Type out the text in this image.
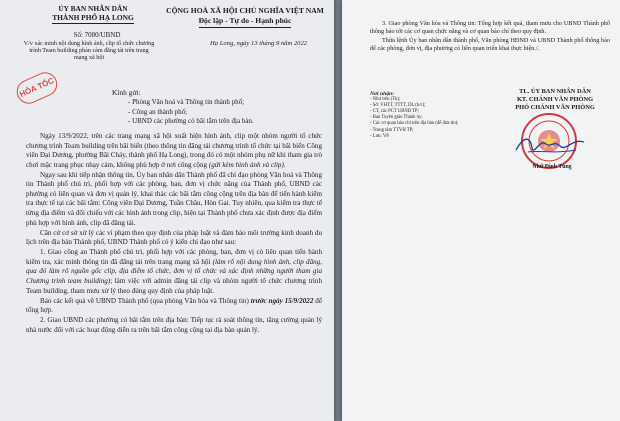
ỦY BAN NHÂN DÂN
THÀNH PHỐ HẠ LONG
CỘNG HOÀ XÃ HỘI CHỦ NGHĨA VIỆT NAM
Độc lập - Tự do - Hạnh phúc
Số: 7080/UBND
Hạ Long, ngày 13 tháng 9 năm 2022
V/v xác minh nội dung hình ảnh, clip tổ chức chương trình Team building phản cảm đăng tải trên trang mạng xã hội
HỎA TỐC	Kính gửi:
- Phòng Văn hoá và Thông tin thành phố;
- Công an thành phố;
- UBND các phường có bãi tắm trên địa bàn.

Ngày 13/9/2022, trên các trang mạng xã hội xuất hiện hình ảnh, clip một nhóm người tổ chức chương trình Team building trên bãi biển (theo thông tin đăng tải chương trình tổ chức tại bãi biển Công viên Đại Dương, phường Bãi Cháy, thành phố Hạ Long), trong đó có một nhóm phụ nữ khi tham gia trò chơi mặc trang phục nhạy cảm, không phù hợp ở nơi công cộng (gửi kèm hình ảnh và clip).

Ngay sau khi tiếp nhận thông tin, Ủy ban nhân dân Thành phố đã chỉ đạo phòng Văn hoá và Thông tin Thành phố chủ trì, phối hợp với các phòng, ban, đơn vị chức năng của Thành phố, UBND các phường có liên quan và đơn vị quản lý, khai thác các bãi tắm công cộng trên địa bàn để tiến hành kiểm tra thực tế tại các bãi tắm: Công viên Đại Dương, Tuần Châu, Hòn Gai. Tuy nhiên, qua kiểm tra thực tế từng địa điểm và đối chiếu với các hình ảnh trong clip, hiện tại Thành phố chưa xác định được địa điểm phù hợp với hình ảnh, clip đã đăng tải.

Căn cứ cơ sở xử lý các vi phạm theo quy định của pháp luật và đảm bảo môi trường kinh doanh du lịch trên địa bàn Thành phố, UBND Thành phố có ý kiến chỉ đạo như sau:

1. Giao công an Thành phố chủ trì, phối hợp với các phòng, ban, đơn vị có liên quan tiến hành kiểm tra, xác minh thông tin đã đăng tải trên trang mạng xã hội (làm rõ nội dung hình ảnh, clip đăng, qua đó làm rõ nguồn gốc clip, địa điểm tổ chức, đơn vị tổ chức và xác định những người tham gia Chương trình team building); làm việc với admin đăng tải clip và nhóm người tổ chức chương trình Team building, tham mưu xử lý theo đúng quy định của pháp luật.

Báo các kết quả về UBND Thành phố (qua phòng Văn hóa và Thông tin) trước ngày 15/9/2022 để tổng hợp.

2. Giao UBND các phường có bãi tắm trên địa bàn: Tiếp tục rà soát thông tin, tăng cường quản lý nhà nước đối với các hoạt động diễn ra trên bãi tắm công cộng tại địa bàn quản lý.

3. Giao phòng Văn hóa và Thông tin: Tổng hợp kết quả, tham mưu cho UBND Thành phố thông báo tới các cơ quan chức năng và cơ quan báo chí theo quy định.

Thừa lệnh Ủy ban nhân dân thành phố, Văn phòng HĐND và UBND Thành phố thông báo để các phòng, đơn vị, địa phương có liên quan triển khai thực hiện./.

Nơi nhận:
- Như trên (Th);
- Sở: VHTT, TTTT, DL (b/c);
- CT, các PCT UBND TP;
- Ban Tuyên giáo Thành ủy;
- Các cơ quan báo chí trên địa bàn (để đưa tin);
- Trung tâm TTVH TP;
- Lưu: VP.
TL. ỦY BAN NHÂN DÂN
KT. CHÁNH VĂN PHÒNG
PHÓ CHÁNH VĂN PHÒNG
Nhữ Đình Tùng
